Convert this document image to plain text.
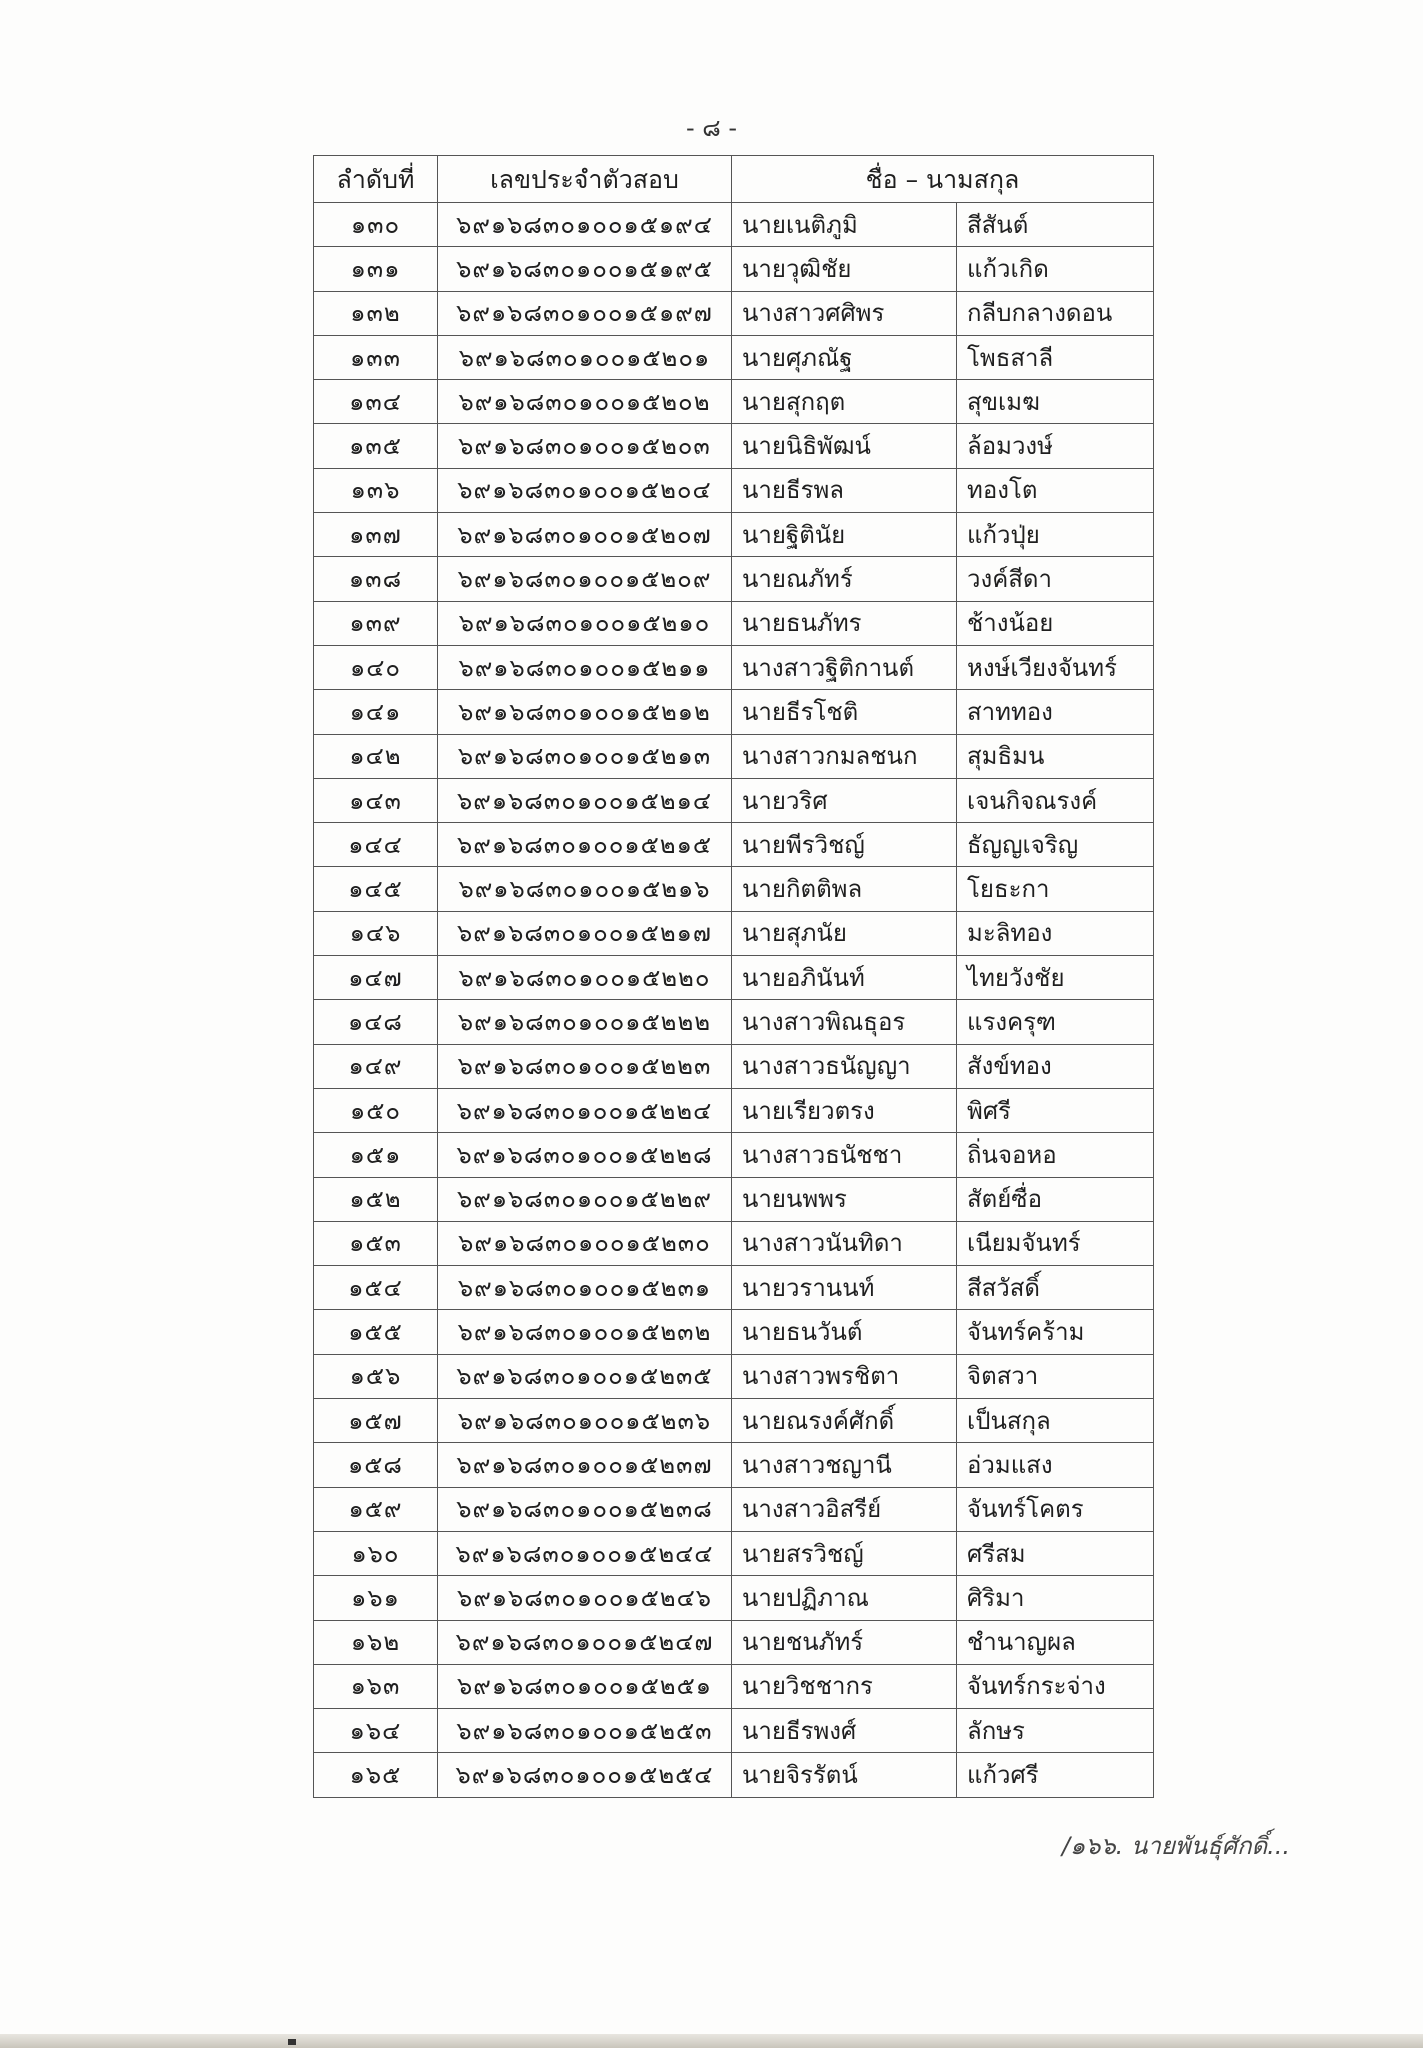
- ๘ -
ลำดับที่	เลขประจำตัวสอบ	ชื่อ – นามสกุล	
๑๓๐	๖๙๑๖๘๓๐๑๐๐๑๕๑๙๔	นายเนติภูมิ	สีสันต์
๑๓๑	๖๙๑๖๘๓๐๑๐๐๑๕๑๙๕	นายวุฒิชัย	แก้วเกิด
๑๓๒	๖๙๑๖๘๓๐๑๐๐๑๕๑๙๗	นางสาวศศิพร	กลีบกลางดอน
๑๓๓	๖๙๑๖๘๓๐๑๐๐๑๕๒๐๑	นายศุภณัฐ	โพธสาลี
๑๓๔	๖๙๑๖๘๓๐๑๐๐๑๕๒๐๒	นายสุกฤต	สุขเมฆ
๑๓๕	๖๙๑๖๘๓๐๑๐๐๑๕๒๐๓	นายนิธิพัฒน์	ล้อมวงษ์
๑๓๖	๖๙๑๖๘๓๐๑๐๐๑๕๒๐๔	นายธีรพล	ทองโต
๑๓๗	๖๙๑๖๘๓๐๑๐๐๑๕๒๐๗	นายฐิตินัย	แก้วปุ่ย
๑๓๘	๖๙๑๖๘๓๐๑๐๐๑๕๒๐๙	นายณภัทร์	วงค์สีดา
๑๓๙	๖๙๑๖๘๓๐๑๐๐๑๕๒๑๐	นายธนภัทร	ช้างน้อย
๑๔๐	๖๙๑๖๘๓๐๑๐๐๑๕๒๑๑	นางสาวฐิติกานต์	หงษ์เวียงจันทร์
๑๔๑	๖๙๑๖๘๓๐๑๐๐๑๕๒๑๒	นายธีรโชติ	สาททอง
๑๔๒	๖๙๑๖๘๓๐๑๐๐๑๕๒๑๓	นางสาวกมลชนก	สุมธิมน
๑๔๓	๖๙๑๖๘๓๐๑๐๐๑๕๒๑๔	นายวริศ	เจนกิจณรงค์
๑๔๔	๖๙๑๖๘๓๐๑๐๐๑๕๒๑๕	นายพีรวิชญ์	ธัญญเจริญ
๑๔๕	๖๙๑๖๘๓๐๑๐๐๑๕๒๑๖	นายกิตติพล	โยธะกา
๑๔๖	๖๙๑๖๘๓๐๑๐๐๑๕๒๑๗	นายสุภนัย	มะลิทอง
๑๔๗	๖๙๑๖๘๓๐๑๐๐๑๕๒๒๐	นายอภินันท์	ไทยวังชัย
๑๔๘	๖๙๑๖๘๓๐๑๐๐๑๕๒๒๒	นางสาวพิณธุอร	แรงครุฑ
๑๔๙	๖๙๑๖๘๓๐๑๐๐๑๕๒๒๓	นางสาวธนัญญา	สังข์ทอง
๑๕๐	๖๙๑๖๘๓๐๑๐๐๑๕๒๒๔	นายเรียวตรง	พิศรี
๑๕๑	๖๙๑๖๘๓๐๑๐๐๑๕๒๒๘	นางสาวธนัชชา	ถิ่นจอหอ
๑๕๒	๖๙๑๖๘๓๐๑๐๐๑๕๒๒๙	นายนพพร	สัตย์ซื่อ
๑๕๓	๖๙๑๖๘๓๐๑๐๐๑๕๒๓๐	นางสาวนันทิดา	เนียมจันทร์
๑๕๔	๖๙๑๖๘๓๐๑๐๐๑๕๒๓๑	นายวรานนท์	สีสวัสดิ์
๑๕๕	๖๙๑๖๘๓๐๑๐๐๑๕๒๓๒	นายธนวันต์	จันทร์คร้าม
๑๕๖	๖๙๑๖๘๓๐๑๐๐๑๕๒๓๕	นางสาวพรชิตา	จิตสวา
๑๕๗	๖๙๑๖๘๓๐๑๐๐๑๕๒๓๖	นายณรงค์ศักดิ์	เป็นสกุล
๑๕๘	๖๙๑๖๘๓๐๑๐๐๑๕๒๓๗	นางสาวชญานี	อ่วมแสง
๑๕๙	๖๙๑๖๘๓๐๑๐๐๑๕๒๓๘	นางสาวอิสรีย์	จันทร์โคตร
๑๖๐	๖๙๑๖๘๓๐๑๐๐๑๕๒๔๔	นายสรวิชญ์	ศรีสม
๑๖๑	๖๙๑๖๘๓๐๑๐๐๑๕๒๔๖	นายปฏิภาณ	ศิริมา
๑๖๒	๖๙๑๖๘๓๐๑๐๐๑๕๒๔๗	นายชนภัทร์	ชำนาญผล
๑๖๓	๖๙๑๖๘๓๐๑๐๐๑๕๒๕๑	นายวิชชากร	จันทร์กระจ่าง
๑๖๔	๖๙๑๖๘๓๐๑๐๐๑๕๒๕๓	นายธีรพงศ์	ลักษร
๑๖๕	๖๙๑๖๘๓๐๑๐๐๑๕๒๕๔	นายจิรรัตน์	แก้วศรี
/๑๖๖. นายพันธุ์ศักดิ์...
